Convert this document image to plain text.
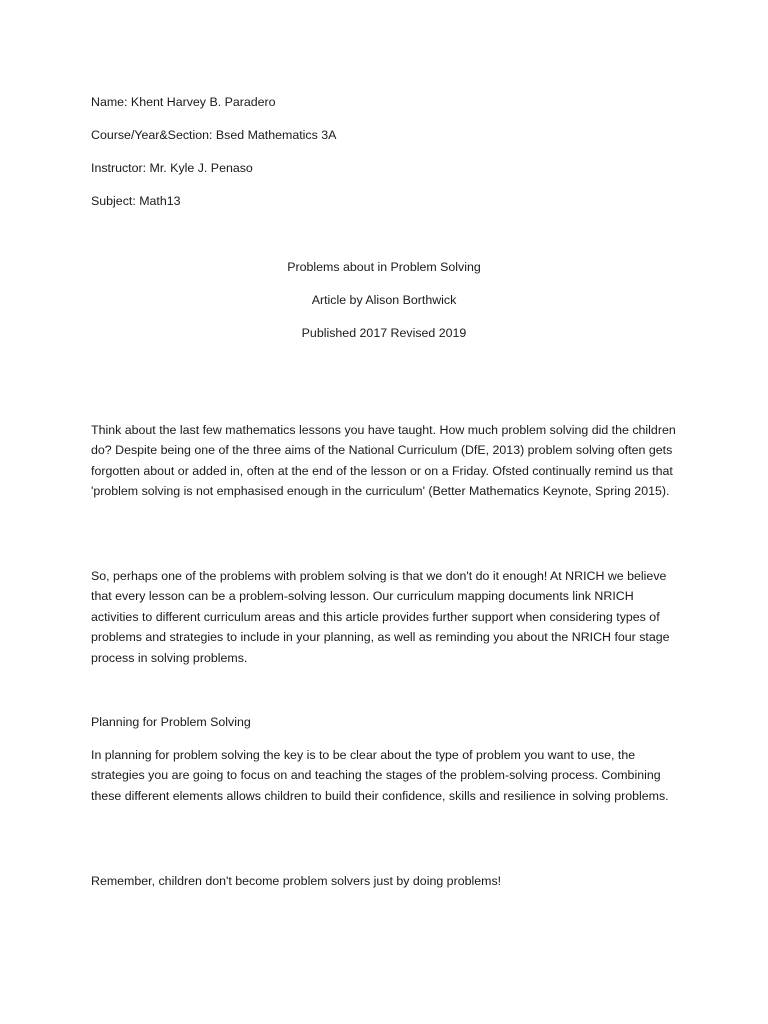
Name: Khent Harvey B. Paradero

Course/Year&Section: Bsed Mathematics 3A

Instructor: Mr. Kyle J. Penaso

Subject: Math13

Problems about in Problem Solving

Article by Alison Borthwick

Published 2017 Revised 2019

Think about the last few mathematics lessons you have taught. How much problem solving did the children do? Despite being one of the three aims of the National Curriculum (DfE, 2013) problem solving often gets forgotten about or added in, often at the end of the lesson or on a Friday. Ofsted continually remind us that 'problem solving is not emphasised enough in the curriculum' (Better Mathematics Keynote, Spring 2015).

So, perhaps one of the problems with problem solving is that we don't do it enough! At NRICH we believe that every lesson can be a problem-solving lesson. Our curriculum mapping documents link NRICH activities to different curriculum areas and this article provides further support when considering types of problems and strategies to include in your planning, as well as reminding you about the NRICH four stage process in solving problems.

Planning for Problem Solving

In planning for problem solving the key is to be clear about the type of problem you want to use, the strategies you are going to focus on and teaching the stages of the problem-solving process. Combining these different elements allows children to build their confidence, skills and resilience in solving problems.

Remember, children don't become problem solvers just by doing problems!
